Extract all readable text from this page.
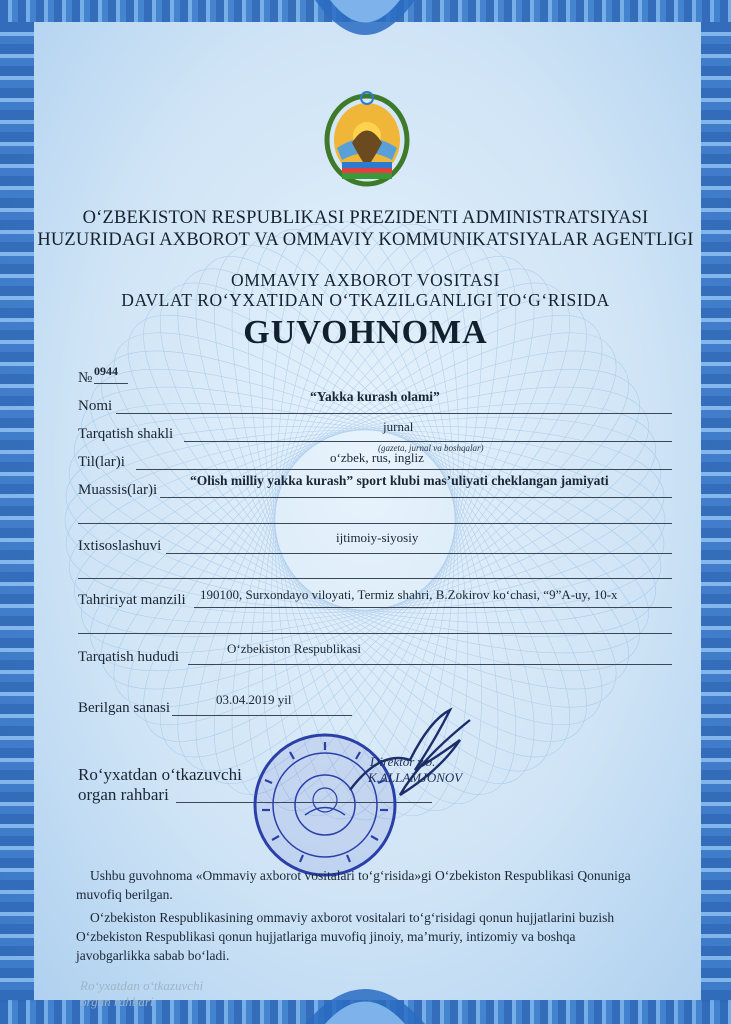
O‘ZBEKISTON RESPUBLIKASI PREZIDENTI ADMINISTRATSIYASI
HUZURIDAGI AXBOROT VA OMMAVIY KOMMUNIKATSIYALAR AGENTLIGI
OMMAVIY AXBOROT VOSITASI
DAVLAT RO‘YXATIDAN O‘TKAZILGANLIGI TO‘G‘RISIDA
GUVOHNOMA
№ 0944
Nomi
“Yakka kurash olami”
Tarqatish shakli	jurnal
(gazeta, jurnal va boshqalar)
Til(lar)i	o‘zbek, rus, ingliz
Muassis(lar)i
“Olish milliy yakka kurash” sport klubi mas’uliyati cheklangan jamiyati
Ixtisoslashuvi
ijtimoiy-siyosiy
Tahririyat manzili 190100, Surxondayo viloyati, Termiz shahri, B.Zokirov ko‘chasi, “9”A-uy, 10-x
Tarqatish hududi
O‘zbekiston Respublikasi
Berilgan sanasi
03.04.2019 yil
Ro‘yxatdan o‘tkazuvchi
organ rahbari
Direktor v.b.
K.ALLAMJONOV
Ushbu guvohnoma «Ommaviy axborot vositalari to‘g‘risida»gi O‘zbekiston Respublikasi Qonuniga
muvofiq berilgan.
O‘zbekiston Respublikasining ommaviy axborot vositalari to‘g‘risidagi qonun hujjatlarini buzish
O‘zbekiston Respublikasi qonun hujjatlariga muvofiq jinoiy, ma’muriy, intizomiy va boshqa
javobgarlikka sabab bo‘ladi.
Ro‘yxatdan o‘tkazuvchi
organ rahbari
